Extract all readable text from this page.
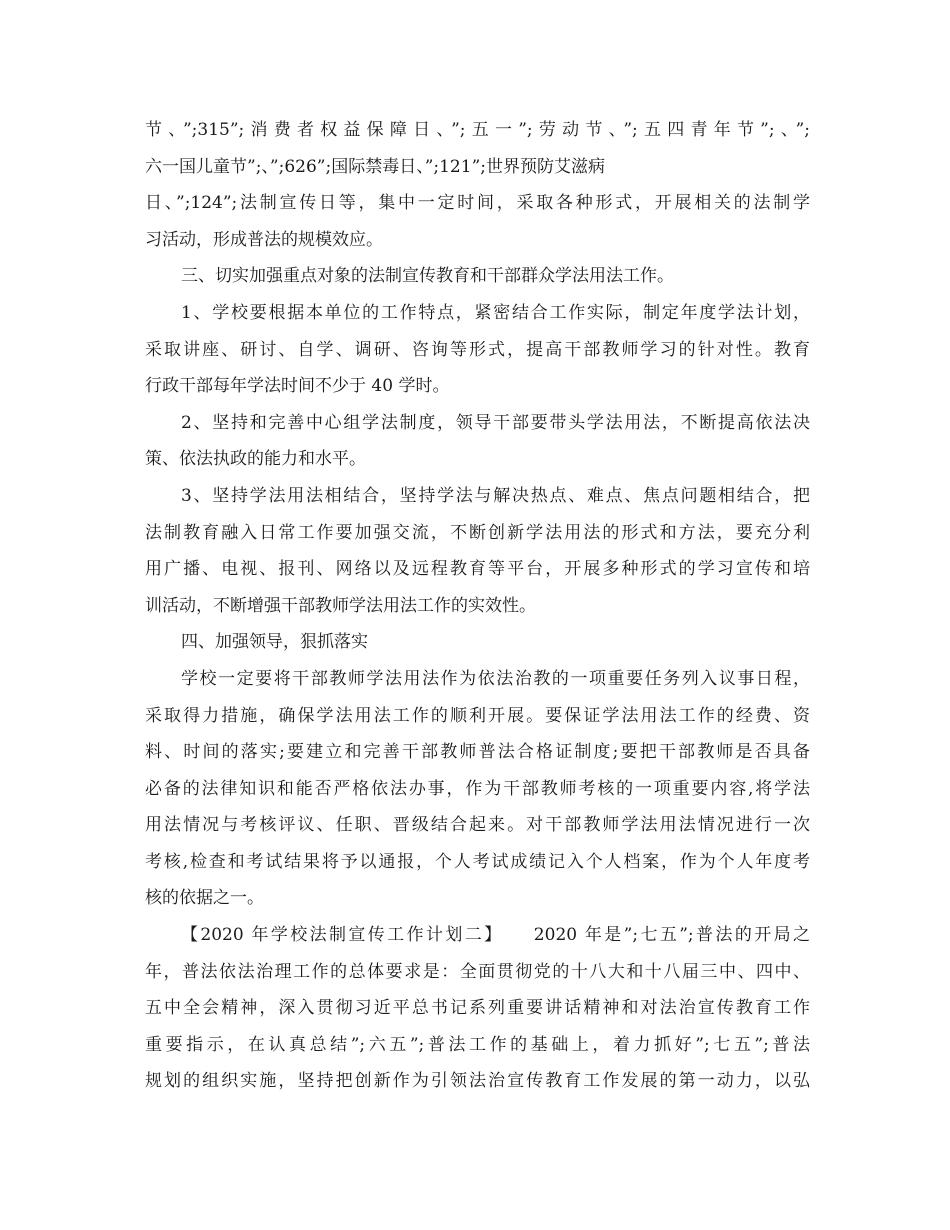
节、”;315”;消费者权益保障日、”;五一”;劳动节、”;五四青年节”;、”;
六一国儿童节”;、”;626”;国际禁毒日、”;121”;世界预防艾滋病
日、”;124”;法制宣传日等，集中一定时间，采取各种形式，开展相关的法制学
习活动，形成普法的规模效应。
三、切实加强重点对象的法制宣传教育和干部群众学法用法工作。
1、学校要根据本单位的工作特点，紧密结合工作实际，制定年度学法计划，
采取讲座、研讨、自学、调研、咨询等形式，提高干部教师学习的针对性。教育
行政干部每年学法时间不少于 40 学时。
2、坚持和完善中心组学法制度，领导干部要带头学法用法，不断提高依法决
策、依法执政的能力和水平。
3、坚持学法用法相结合，坚持学法与解决热点、难点、焦点问题相结合，把
法制教育融入日常工作要加强交流，不断创新学法用法的形式和方法，要充分利
用广播、电视、报刊、网络以及远程教育等平台，开展多种形式的学习宣传和培
训活动，不断增强干部教师学法用法工作的实效性。
四、加强领导，狠抓落实
学校一定要将干部教师学法用法作为依法治教的一项重要任务列入议事日程，
采取得力措施，确保学法用法工作的顺利开展。要保证学法用法工作的经费、资
料、时间的落实;要建立和完善干部教师普法合格证制度;要把干部教师是否具备
必备的法律知识和能否严格依法办事，作为干部教师考核的一项重要内容,将学法
用法情况与考核评议、任职、晋级结合起来。对干部教师学法用法情况进行一次
考核,检查和考试结果将予以通报，个人考试成绩记入个人档案，作为个人年度考
核的依据之一。
【2020 年学校法制宣传工作计划二】　　2020 年是”;七五”;普法的开局之
年，普法依法治理工作的总体要求是：全面贯彻党的十八大和十八届三中、四中、
五中全会精神，深入贯彻习近平总书记系列重要讲话精神和对法治宣传教育工作
重要指示，在认真总结”;六五”;普法工作的基础上，着力抓好”;七五”;普法
规划的组织实施，坚持把创新作为引领法治宣传教育工作发展的第一动力，以弘
